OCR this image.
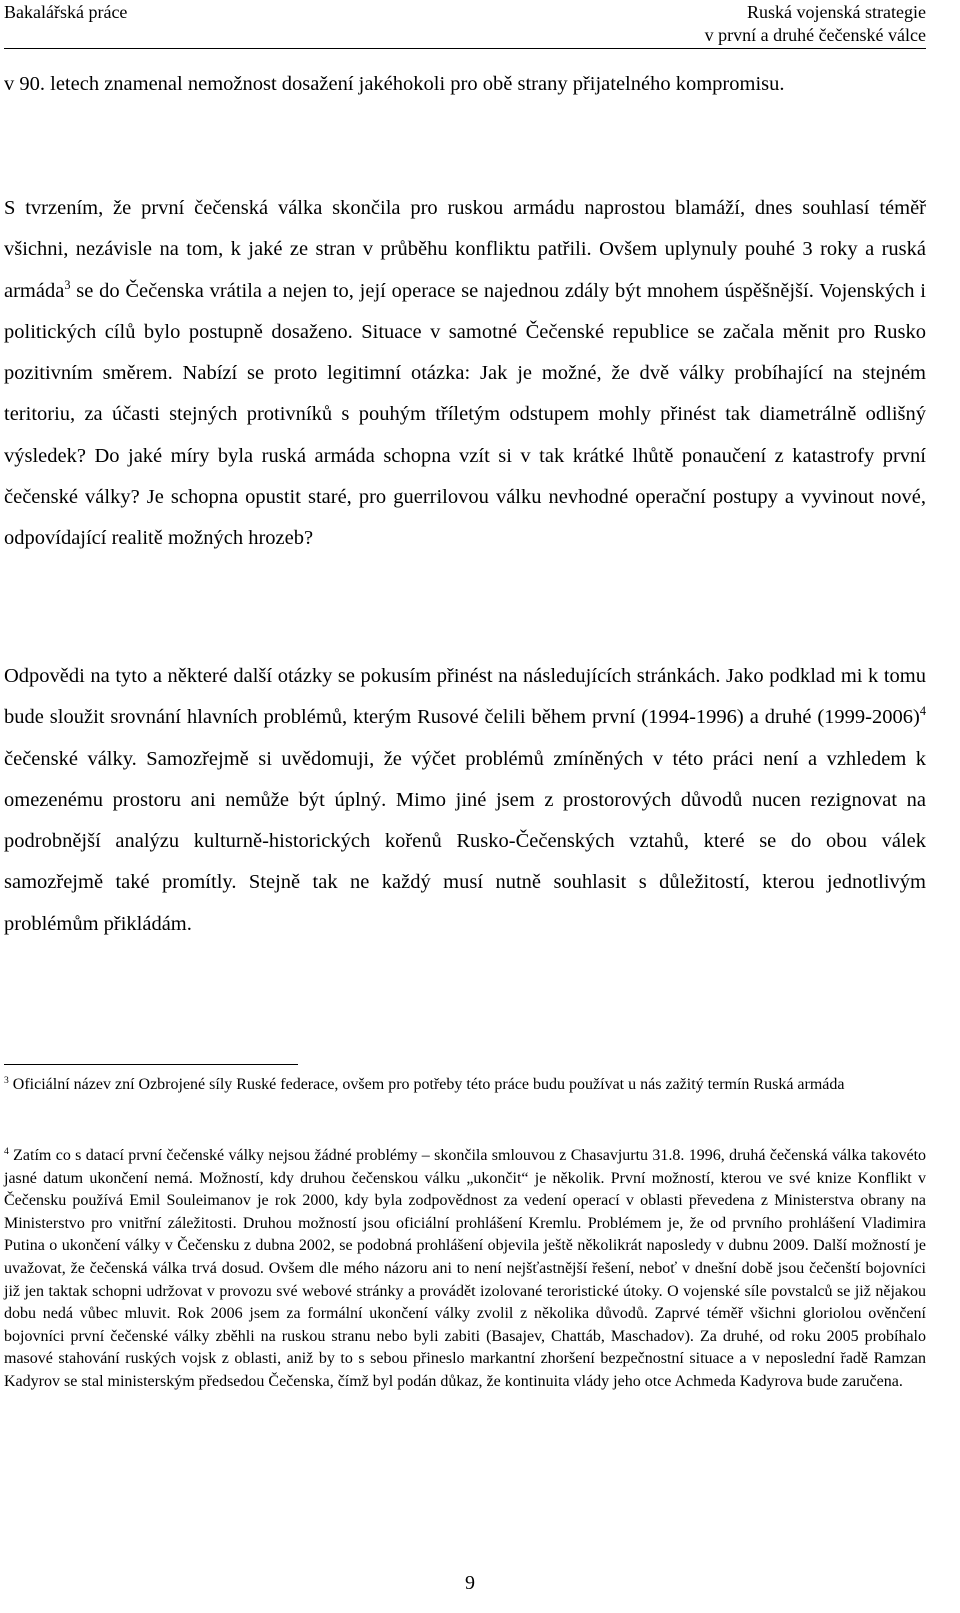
Bakalářská práce	Ruská vojenská strategie
v první a druhé čečenské válce

v 90. letech znamenal nemožnost dosažení jakéhokoli pro obě strany přijatelného kompromisu.

S tvrzením, že první čečenská válka skončila pro ruskou armádu naprostou blamáží, dnes souhlasí téměř všichni, nezávisle na tom, k jaké ze stran v průběhu konfliktu patřili. Ovšem uplynuly pouhé 3 roky a ruská armáda$^3$ se do Čečenska vrátila a nejen to, její operace se najednou zdály být mnohem úspěšnější. Vojenských i politických cílů bylo postupně dosaženo. Situace v samotné Čečenské republice se začala měnit pro Rusko pozitivním směrem. Nabízí se proto legitimní otázka: Jak je možné, že dvě války probíhající na stejném teritoriu, za účasti stejných protivníků s pouhým tříletým odstupem mohly přinést tak diametrálně odlišný výsledek? Do jaké míry byla ruská armáda schopna vzít si v tak krátké lhůtě ponaučení z katastrofy první čečenské války? Je schopna opustit staré, pro guerrilovou válku nevhodné operační postupy a vyvinout nové, odpovídající realitě možných hrozeb?

Odpovědi na tyto a některé další otázky se pokusím přinést na následujících stránkách. Jako podklad mi k tomu bude sloužit srovnání hlavních problémů, kterým Rusové čelili během první (1994-1996) a druhé (1999-2006)$^4$ čečenské války. Samozřejmě si uvědomuji, že výčet problémů zmíněných v této práci není a vzhledem k omezenému prostoru ani nemůže být úplný. Mimo jiné jsem z prostorových důvodů nucen rezignovat na podrobnější analýzu kulturně-historických kořenů Rusko-Čečenských vztahů, které se do obou válek samozřejmě také promítly. Stejně tak ne každý musí nutně souhlasit s důležitostí, kterou jednotlivým problémům přikládám.

$^3$ Oficiální název zní Ozbrojené síly Ruské federace, ovšem pro potřeby této práce budu používat u nás zažitý termín Ruská armáda

$^4$ Zatím co s datací první čečenské války nejsou žádné problémy – skončila smlouvou z Chasavjurtu 31.8. 1996, druhá čečenská válka takovéto jasné datum ukončení nemá. Možností, kdy druhou čečenskou válku „ukončit“ je několik. První možností, kterou ve své knize Konflikt v Čečensku používá Emil Souleimanov je rok 2000, kdy byla zodpovědnost za vedení operací v oblasti převedena z Ministerstva obrany na Ministerstvo pro vnitřní záležitosti. Druhou možností jsou oficiální prohlášení Kremlu. Problémem je, že od prvního prohlášení Vladimira Putina o ukončení války v Čečensku z dubna 2002, se podobná prohlášení objevila ještě několikrát naposledy v dubnu 2009. Další možností je uvažovat, že čečenská válka trvá dosud. Ovšem dle mého názoru ani to není nejšťastnější řešení, neboť v dnešní době jsou čečenští bojovníci již jen taktak schopni udržovat v provozu své webové stránky a provádět izolované teroristické útoky. O vojenské síle povstalců se již nějakou dobu nedá vůbec mluvit. Rok 2006 jsem za formální ukončení války zvolil z několika důvodů. Zaprvé téměř všichni gloriolou ověnčení bojovníci první čečenské války zběhli na ruskou stranu nebo byli zabiti (Basajev, Chattáb, Maschadov). Za druhé, od roku 2005 probíhalo masové stahování ruských vojsk z oblasti, aniž by to s sebou přineslo markantní zhoršení bezpečnostní situace a v neposlední řadě Ramzan Kadyrov se stal ministerským předsedou Čečenska, čímž byl podán důkaz, že kontinuita vlády jeho otce Achmeda Kadyrova bude zaručena.

9
